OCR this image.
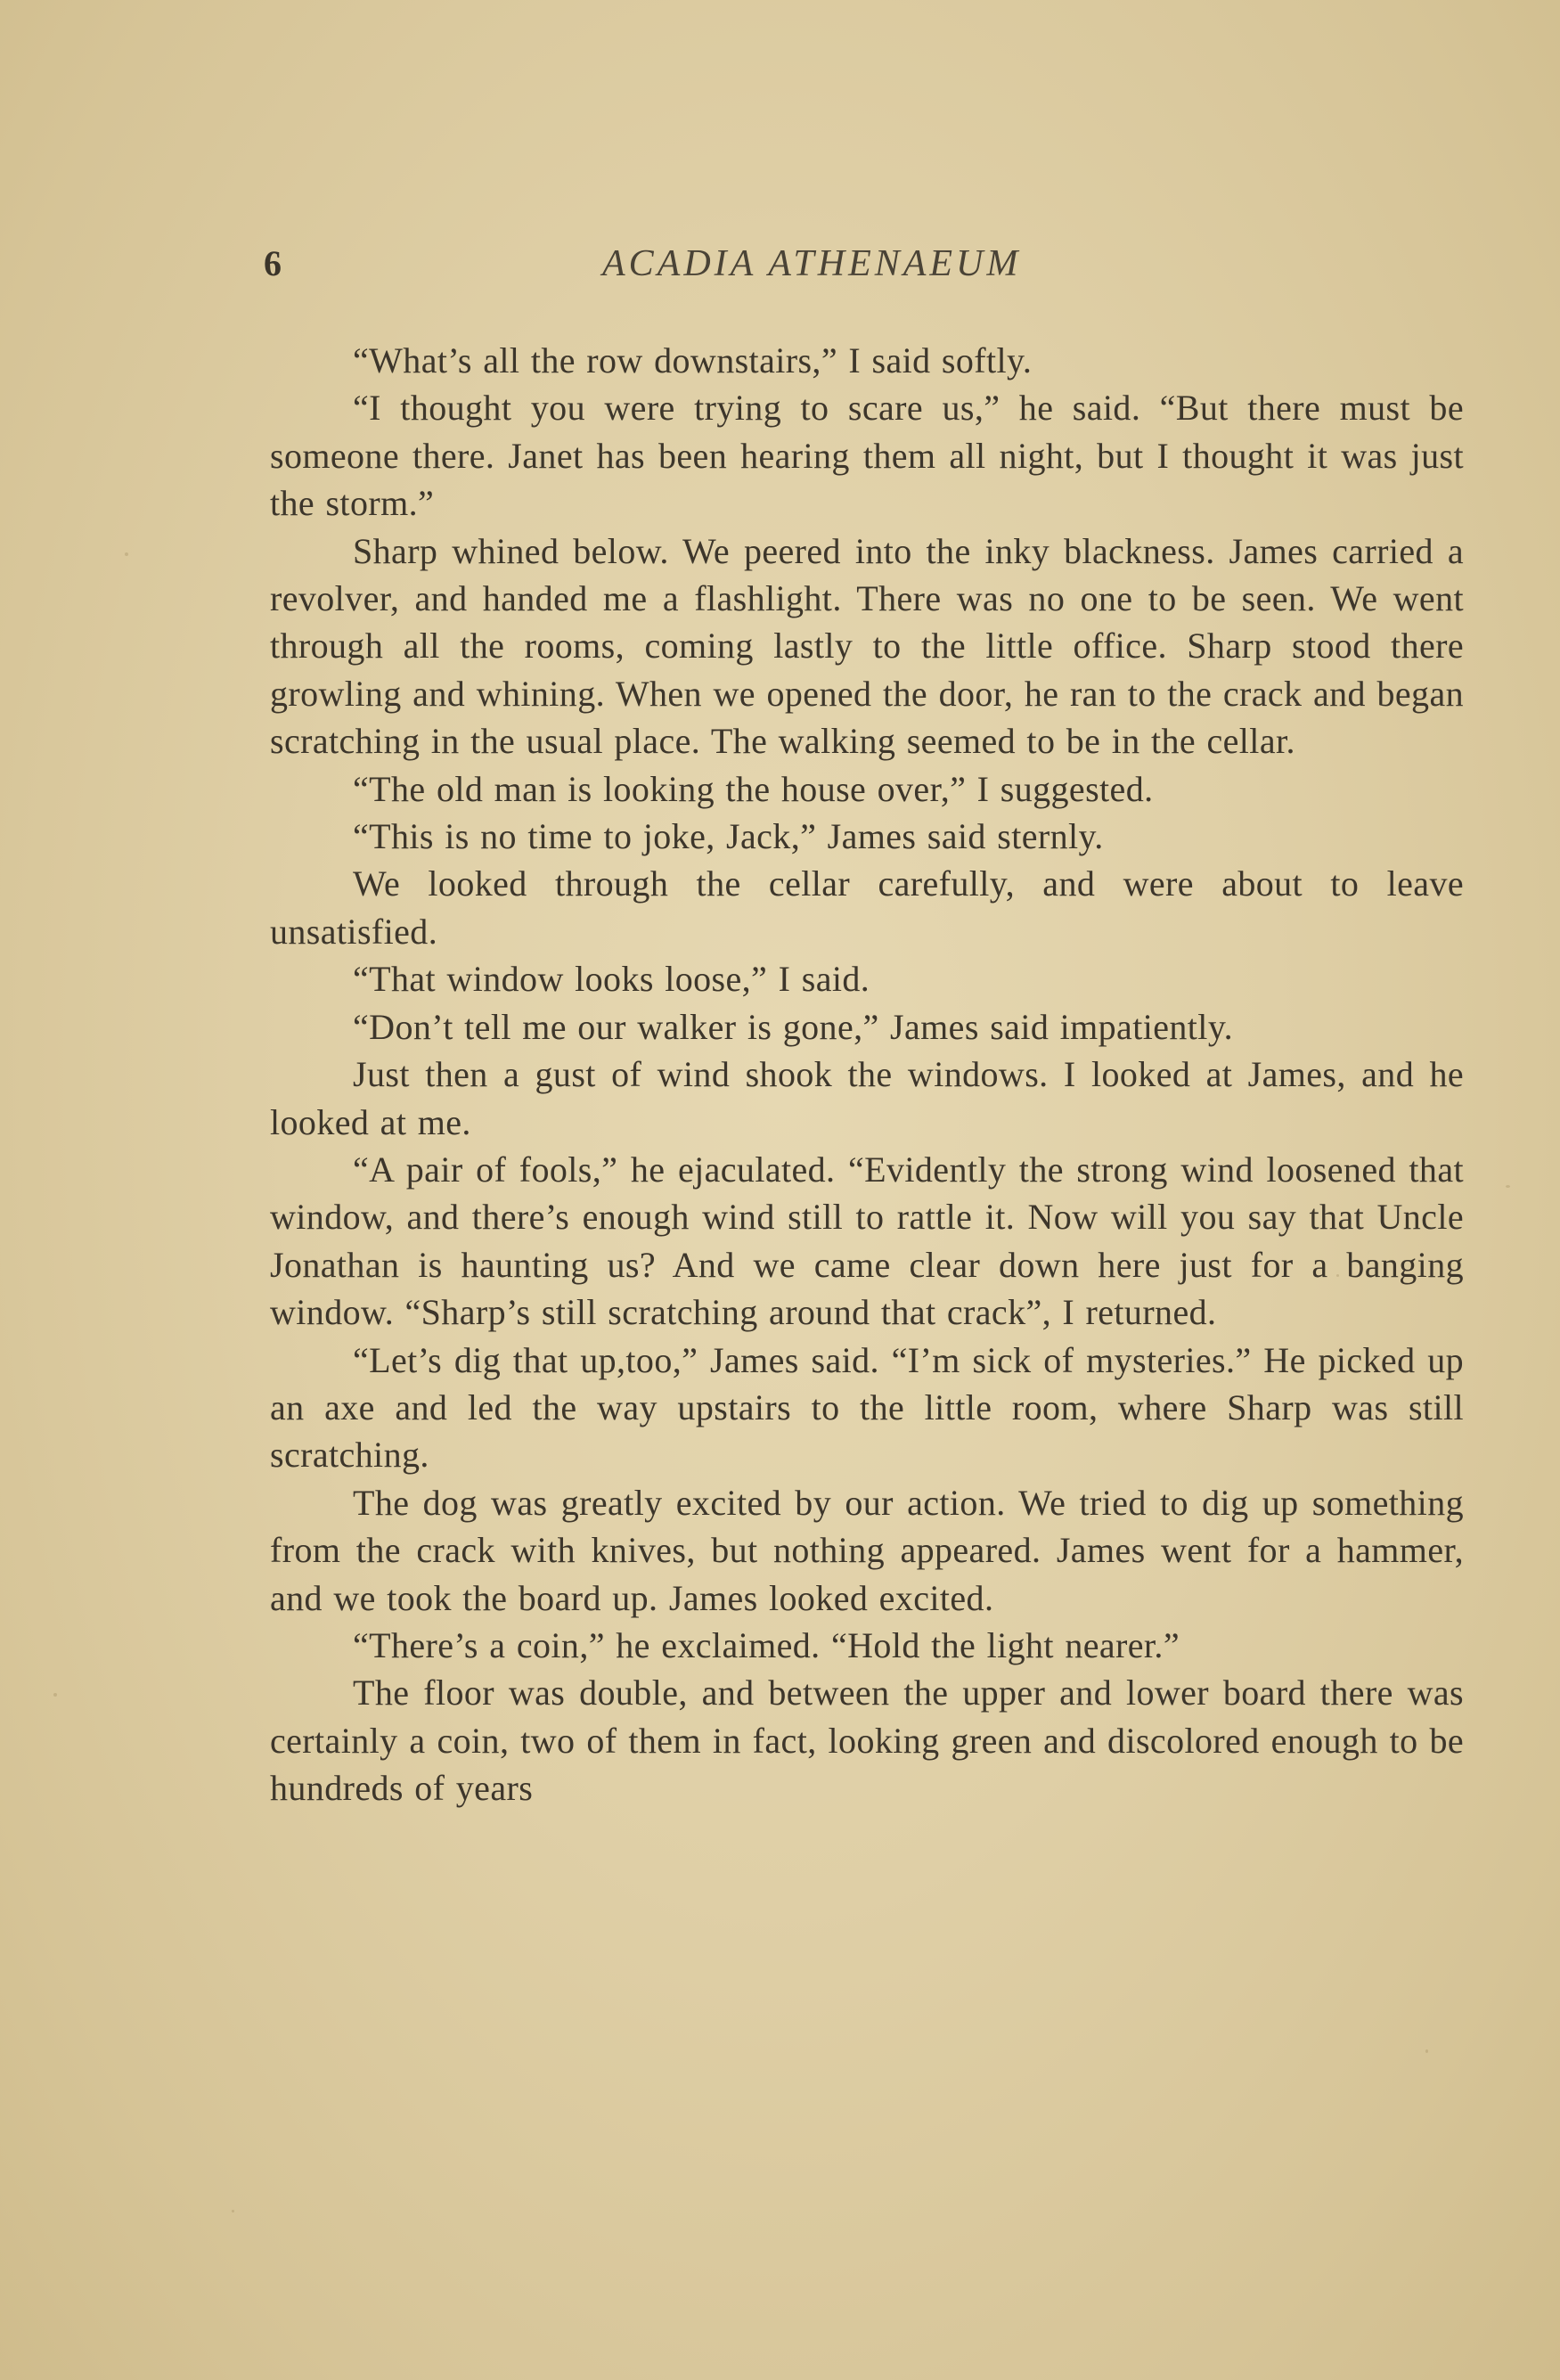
6	ACADIA ATHENAEUM

“What’s all the row downstairs,” I said softly.

“I thought you were trying to scare us,” he said. “But there must be someone there. Janet has been hearing them all night, but I thought it was just the storm.”

Sharp whined below. We peered into the inky blackness. James carried a revolver, and handed me a flashlight. There was no one to be seen. We went through all the rooms, coming lastly to the little office. Sharp stood there growling and whining. When we opened the door, he ran to the crack and began scratching in the usual place. The walking seemed to be in the cellar.

“The old man is looking the house over,” I suggested.

“This is no time to joke, Jack,” James said sternly.

We looked through the cellar carefully, and were about to leave unsatisfied.

“That window looks loose,” I said.

“Don’t tell me our walker is gone,” James said impatiently.

Just then a gust of wind shook the windows. I looked at James, and he looked at me.

“A pair of fools,” he ejaculated. “Evidently the strong wind loosened that window, and there’s enough wind still to rattle it. Now will you say that Uncle Jonathan is haunting us? And we came clear down here just for a banging window. “Sharp’s still scratching around that crack”, I returned.

“Let’s dig that up,too,” James said. “I’m sick of mysteries.” He picked up an axe and led the way upstairs to the little room, where Sharp was still scratching.

The dog was greatly excited by our action. We tried to dig up something from the crack with knives, but nothing appeared. James went for a hammer, and we took the board up. James looked excited.

“There’s a coin,” he exclaimed. “Hold the light nearer.”

The floor was double, and between the upper and lower board there was certainly a coin, two of them in fact, looking green and discolored enough to be hundreds of years
